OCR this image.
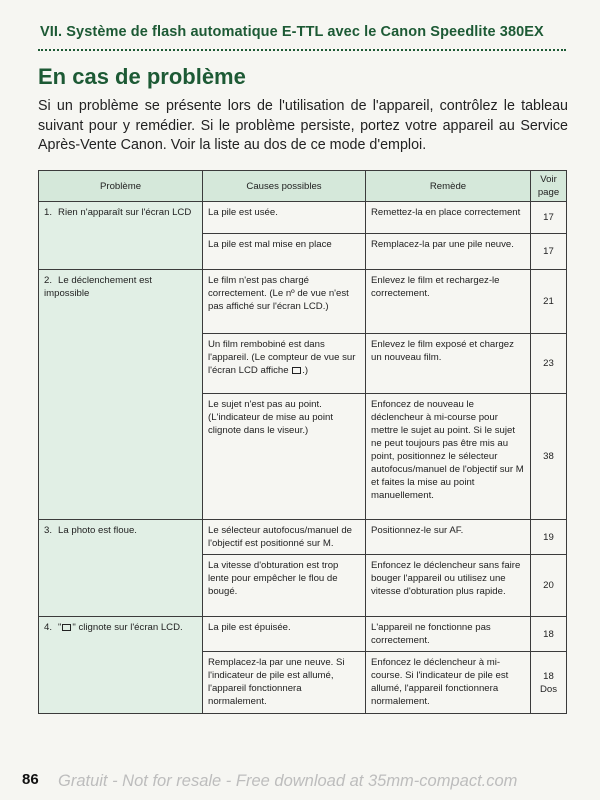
VII. Système de flash automatique E-TTL avec le Canon Speedlite 380EX
En cas de problème
Si un problème se présente lors de l'utilisation de l'appareil, contrôlez le tableau suivant pour y remédier. Si le problème persiste, portez votre appareil au Service Après-Vente Canon. Voir la liste au dos de ce mode d'emploi.
Problème	Causes possibles	Remède	Voir page
1. Rien n'apparaît sur l'écran LCD	La pile est usée.	Remettez-la en place correctement	17
	La pile est mal mise en place	Remplacez-la par une pile neuve.	17
2. Le déclenchement est impossible	Le film n'est pas chargé correctement. (Le nº de vue n'est pas affiché sur l'écran LCD.)	Enlevez le film et rechargez-le correctement.	21
	Un film rembobiné est dans l'appareil. (Le compteur de vue sur l'écran LCD affiche .)	Enlevez le film exposé et chargez un nouveau film.	23
	Le sujet n'est pas au point. (L'indicateur de mise au point clignote dans le viseur.)	Enfoncez de nouveau le déclencheur à mi-course pour mettre le sujet au point. Si le sujet ne peut toujours pas être mis au point, positionnez le sélecteur autofocus/manuel de l'objectif sur M et faites la mise au point manuellement.	38
3. La photo est floue.	Le sélecteur autofocus/manuel de l'objectif est positionné sur M.	Positionnez-le sur AF.	19
	La vitesse d'obturation est trop lente pour empêcher le flou de bougé.	Enfoncez le déclencheur sans faire bouger l'appareil ou utilisez une vitesse d'obturation plus rapide.	20
4. " " clignote sur l'écran LCD.	La pile est épuisée.	L'appareil ne fonctionne pas correctement.	18
	Remplacez-la par une neuve. Si l'indicateur de pile est allumé, l'appareil fonctionnera normalement.	Enfoncez le déclencheur à mi-course. Si l'indicateur de pile est allumé, l'appareil fonctionnera normalement.	18 Dos
86 Gratuit - Not for resale - Free download at 35mm-compact.com
